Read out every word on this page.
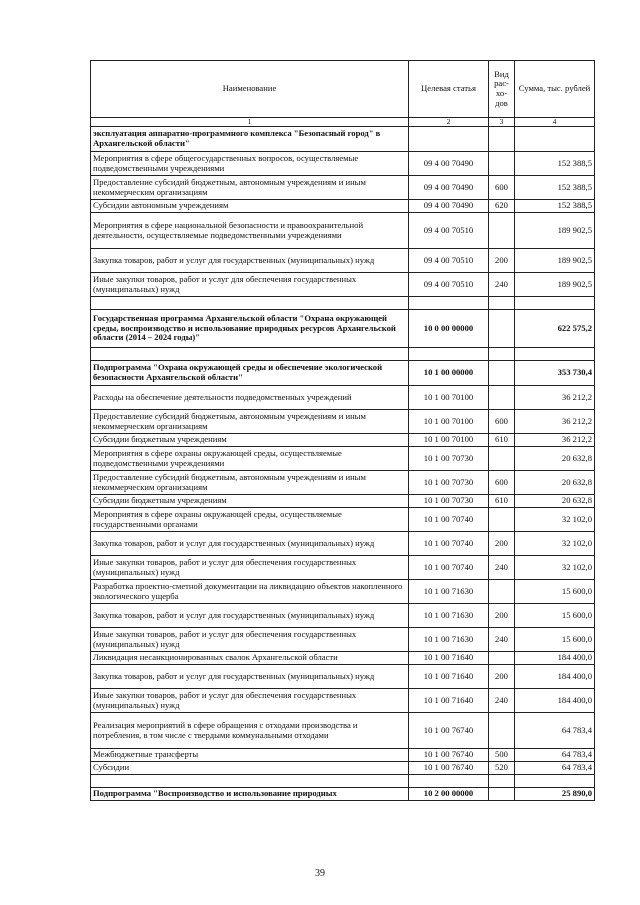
Наименование	Целевая статья	Вид рас-хо-дов	Сумма, тыс. рублей
1	2	3	4
эксплуатация аппаратно-программного комплекса "Безопасный город" в Архангельской области"			
Мероприятия в сфере общегосударственных вопросов, осуществляемые подведомственными учреждениями	09 4 00 70490		152 388,5
Предоставление субсидий бюджетным, автономным учреждениям и иным некоммерческим организациям	09 4 00 70490	600	152 388,5
Субсидии автономным учреждениям	09 4 00 70490	620	152 388,5
Мероприятия в сфере национальной безопасности и правоохранительной деятельности, осуществляемые подведомственными учреждениями	09 4 00 70510		189 902,5
Закупка товаров, работ и услуг для государственных (муниципальных) нужд	09 4 00 70510	200	189 902,5
Иные закупки товаров, работ и услуг для обеспечения государственных (муниципальных) нужд	09 4 00 70510	240	189 902,5

Государственная программа Архангельской области "Охрана окружающей среды, воспроизводство и использование природных ресурсов Архангельской области (2014 – 2024 годы)"	10 0 00 00000		622 575,2

Подпрограмма "Охрана окружающей среды и обеспечение экологической безопасности Архангельской области"	10 1 00 00000		353 730,4
Расходы на обеспечение деятельности подведомственных учреждений	10 1 00 70100		36 212,2
Предоставление субсидий бюджетным, автономным учреждениям и иным некоммерческим организациям	10 1 00 70100	600	36 212,2
Субсидии бюджетным учреждениям	10 1 00 70100	610	36 212,2
Мероприятия в сфере охраны окружающей среды, осуществляемые подведомственными учреждениями	10 1 00 70730		20 632,8
Предоставление субсидий бюджетным, автономным учреждениям и иным некоммерческим организациям	10 1 00 70730	600	20 632,8
Субсидии бюджетным учреждениям	10 1 00 70730	610	20 632,8
Мероприятия в сфере охраны окружающей среды, осуществляемые государственными органами	10 1 00 70740		32 102,0
Закупка товаров, работ и услуг для государственных (муниципальных) нужд	10 1 00 70740	200	32 102,0
Иные закупки товаров, работ и услуг для обеспечения государственных (муниципальных) нужд	10 1 00 70740	240	32 102,0
Разработка проектно-сметной документации на ликвидацию объектов накопленного экологического ущерба	10 1 00 71630		15 600,0
Закупка товаров, работ и услуг для государственных (муниципальных) нужд	10 1 00 71630	200	15 600,0
Иные закупки товаров, работ и услуг для обеспечения государственных (муниципальных) нужд	10 1 00 71630	240	15 600,0
Ликвидация несанкционированных свалок Архангельской области	10 1 00 71640		184 400,0
Закупка товаров, работ и услуг для государственных (муниципальных) нужд	10 1 00 71640	200	184 400,0
Иные закупки товаров, работ и услуг для обеспечения государственных (муниципальных) нужд	10 1 00 71640	240	184 400,0
Реализация мероприятий в сфере обращения с отходами производства и потребления, в том числе с твердыми коммунальными отходами	10 1 00 76740		64 783,4
Межбюджетные трансферты	10 1 00 76740	500	64 783,4
Субсидии	10 1 00 76740	520	64 783,4

Подпрограмма "Воспроизводство и использование природных	10 2 00 00000		25 890,0
39
